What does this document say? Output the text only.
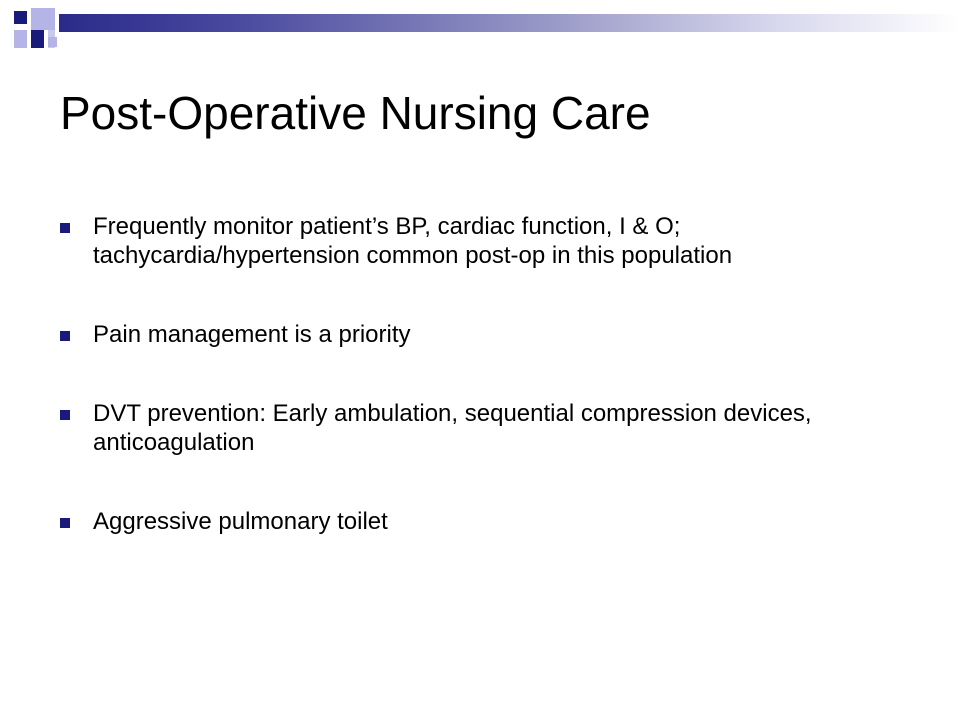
Post-Operative Nursing Care
Frequently monitor patient’s BP, cardiac function, I & O; tachycardia/hypertension common post-op in this population
Pain management is a priority
DVT prevention: Early ambulation, sequential compression devices, anticoagulation
Aggressive pulmonary toilet
